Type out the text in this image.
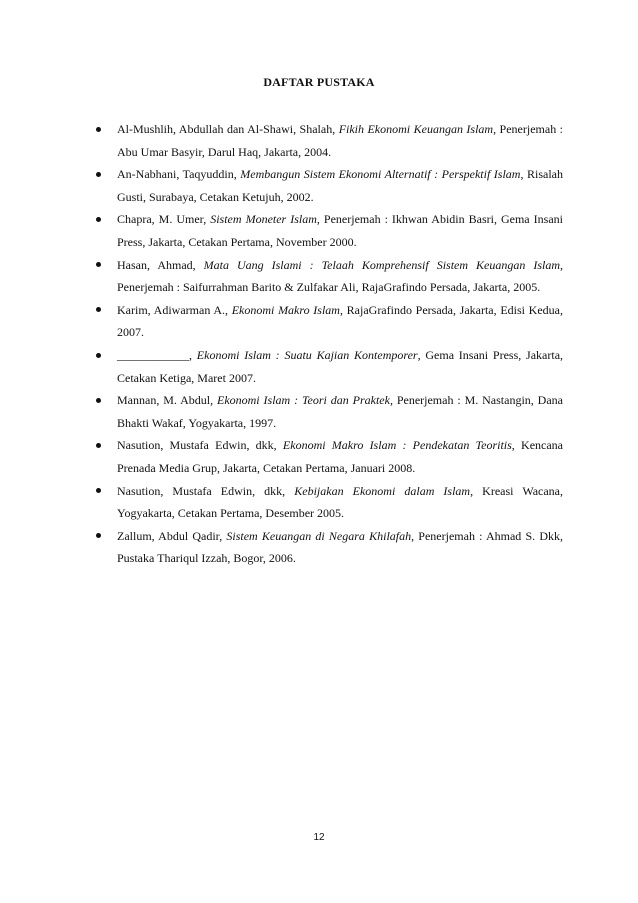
DAFTAR PUSTAKA
Al-Mushlih, Abdullah dan Al-Shawi, Shalah, Fikih Ekonomi Keuangan Islam, Penerjemah : Abu Umar Basyir, Darul Haq, Jakarta, 2004.
An-Nabhani, Taqyuddin, Membangun Sistem Ekonomi Alternatif : Perspektif Islam, Risalah Gusti, Surabaya, Cetakan Ketujuh, 2002.
Chapra, M. Umer, Sistem Moneter Islam, Penerjemah : Ikhwan Abidin Basri, Gema Insani Press, Jakarta, Cetakan Pertama, November 2000.
Hasan, Ahmad, Mata Uang Islami : Telaah Komprehensif Sistem Keuangan Islam, Penerjemah : Saifurrahman Barito & Zulfakar Ali, RajaGrafindo Persada, Jakarta, 2005.
Karim, Adiwarman A., Ekonomi Makro Islam, RajaGrafindo Persada, Jakarta, Edisi Kedua, 2007.
____________, Ekonomi Islam : Suatu Kajian Kontemporer, Gema Insani Press, Jakarta, Cetakan Ketiga, Maret 2007.
Mannan, M. Abdul, Ekonomi Islam : Teori dan Praktek, Penerjemah : M. Nastangin, Dana Bhakti Wakaf, Yogyakarta, 1997.
Nasution, Mustafa Edwin, dkk, Ekonomi Makro Islam : Pendekatan Teoritis, Kencana Prenada Media Grup, Jakarta, Cetakan Pertama, Januari 2008.
Nasution, Mustafa Edwin, dkk, Kebijakan Ekonomi dalam Islam, Kreasi Wacana, Yogyakarta, Cetakan Pertama, Desember 2005.
Zallum, Abdul Qadir, Sistem Keuangan di Negara Khilafah, Penerjemah : Ahmad S. Dkk, Pustaka Thariqul Izzah, Bogor, 2006.
12
